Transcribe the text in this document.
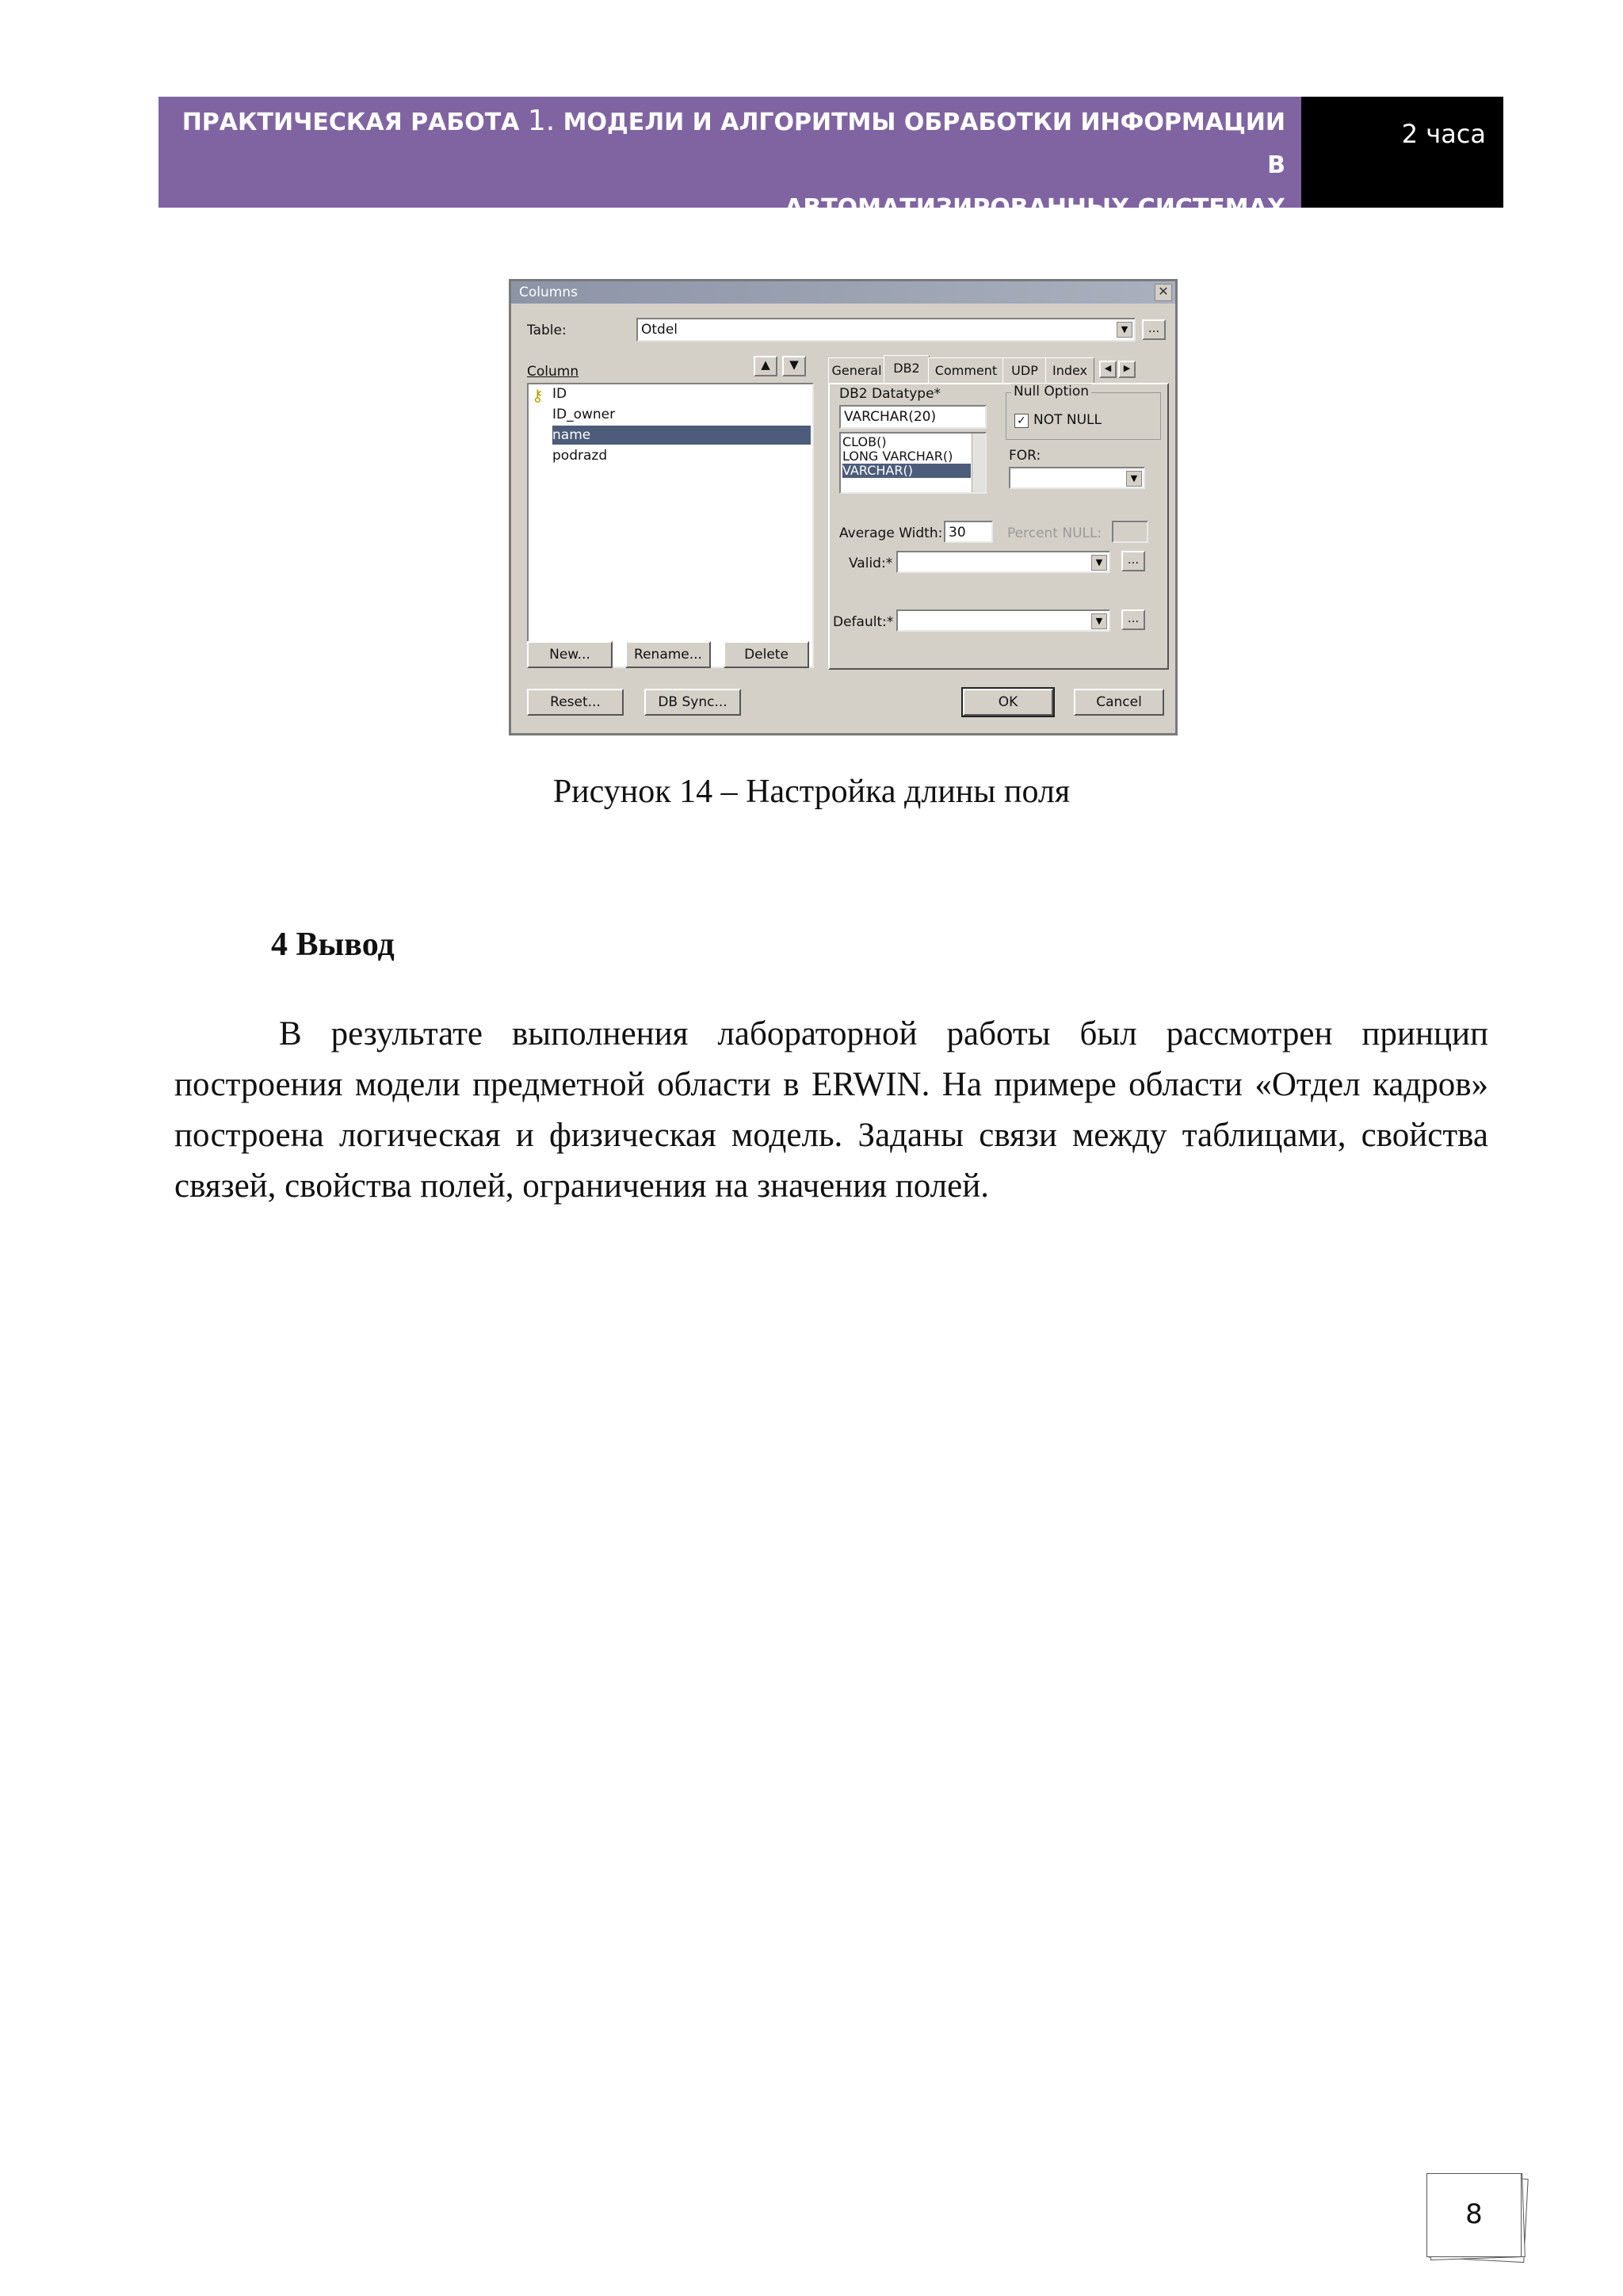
ПРАКТИЧЕСКАЯ РАБОТА 1. МОДЕЛИ И АЛГОРИТМЫ ОБРАБОТКИ ИНФОРМАЦИИ В
АВТОМАТИЗИРОВАННЫХ СИСТЕМАХ
2 часа
Columns	✕
Table:	Otdel	▼	...
Column	▲	▼
⚷ ID
ID_owner
name
podrazd
New...	Rename...	Delete
General DB2	Comment	UDP	Index	◀	▶
DB2 Datatype*
VARCHAR(20)
CLOB()
LONG VARCHAR()
VARCHAR()
Null Option
✓ NOT NULL
FOR:
▼
Average Width: 30	Percent NULL:
Valid:*	▼	...
Default:*	▼	...
Reset...	DB Sync...	OK	Cancel
Рисунок 14 – Настройка длины поля
4 Вывод
В результате выполнения лабораторной работы был рассмотрен принцип построения модели предметной области в ERWIN. На примере области «Отдел кадров» построена логическая и физическая модель. Заданы связи между таблицами, свойства связей, свойства полей, ограничения на значения полей.
8
